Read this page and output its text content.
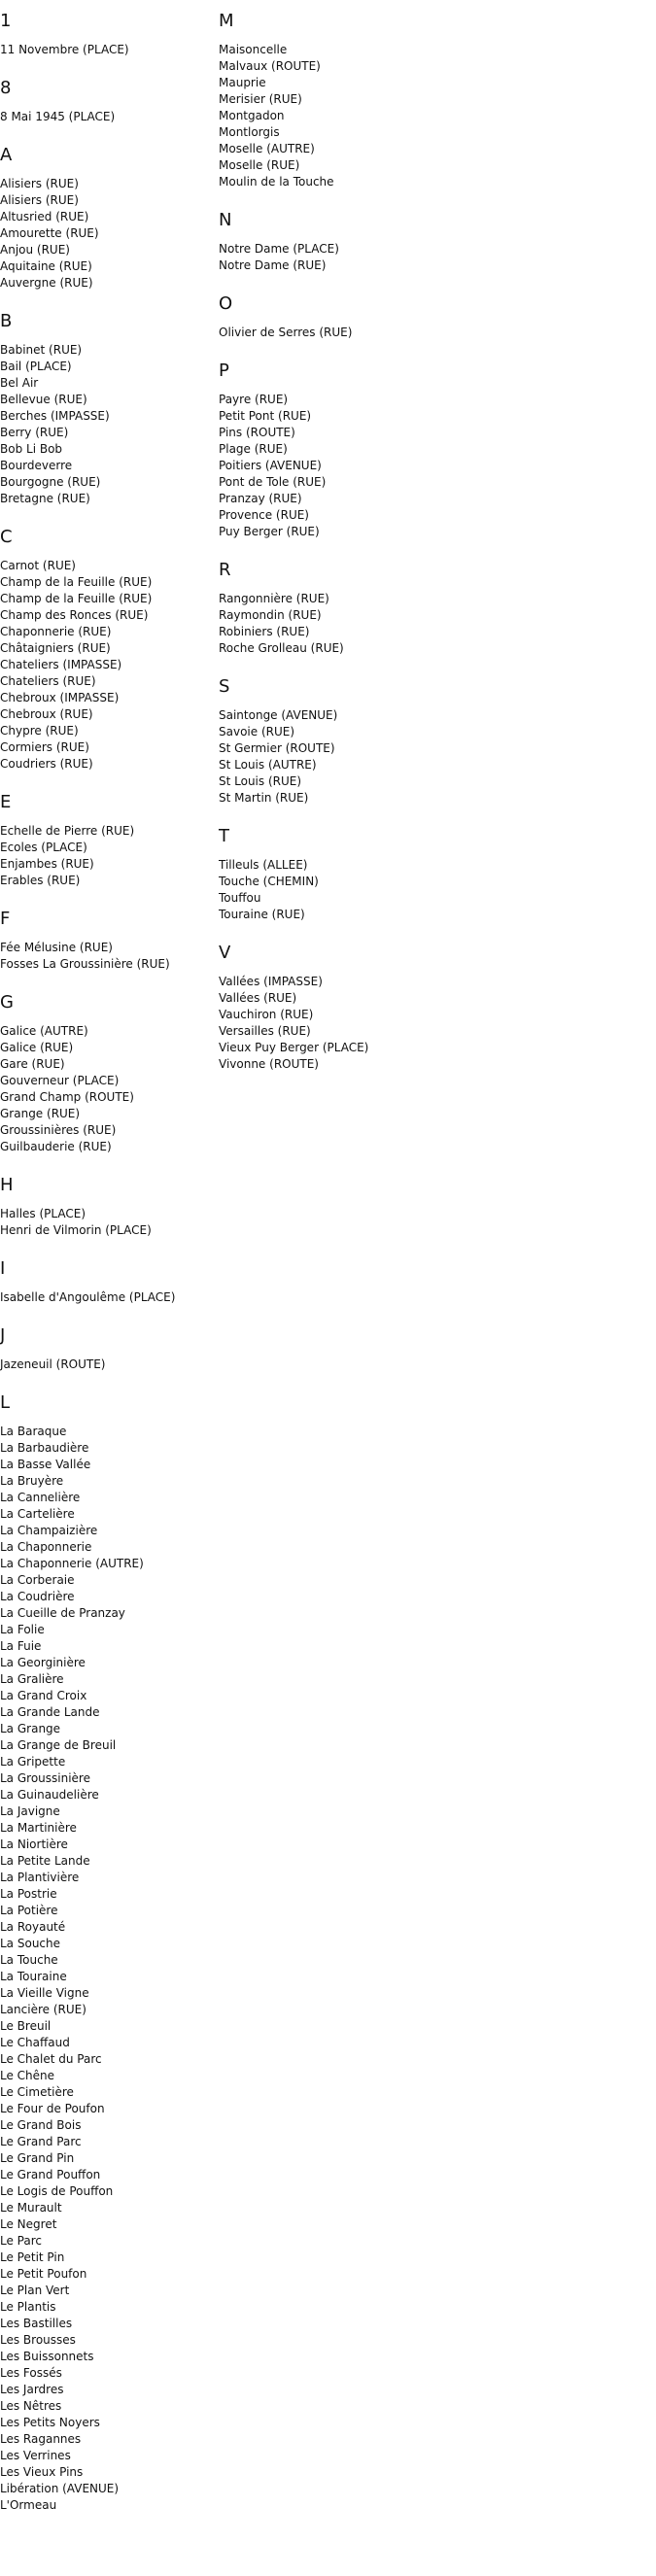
1
11 Novembre (PLACE)
8
8 Mai 1945 (PLACE)
A
Alisiers (RUE)
Alisiers (RUE)
Altusried (RUE)
Amourette (RUE)
Anjou (RUE)
Aquitaine (RUE)
Auvergne (RUE)
B
Babinet (RUE)
Bail (PLACE)
Bel Air
Bellevue (RUE)
Berches (IMPASSE)
Berry (RUE)
Bob Li Bob
Bourdeverre
Bourgogne (RUE)
Bretagne (RUE)
C
Carnot (RUE)
Champ de la Feuille (RUE)
Champ de la Feuille (RUE)
Champ des Ronces (RUE)
Chaponnerie (RUE)
Châtaigniers (RUE)
Chateliers (IMPASSE)
Chateliers (RUE)
Chebroux (IMPASSE)
Chebroux (RUE)
Chypre (RUE)
Cormiers (RUE)
Coudriers (RUE)
E
Echelle de Pierre (RUE)
Ecoles (PLACE)
Enjambes (RUE)
Erables (RUE)
F
Fée Mélusine (RUE)
Fosses La Groussinière (RUE)
G
Galice (AUTRE)
Galice (RUE)
Gare (RUE)
Gouverneur (PLACE)
Grand Champ (ROUTE)
Grange (RUE)
Groussinières (RUE)
Guilbauderie (RUE)
H
Halles (PLACE)
Henri de Vilmorin (PLACE)
I
Isabelle d'Angoulême (PLACE)
J
Jazeneuil (ROUTE)
L
La Baraque
La Barbaudière
La Basse Vallée
La Bruyère
La Cannelière
La Cartelière
La Champaizière
La Chaponnerie
La Chaponnerie (AUTRE)
La Corberaie
La Coudrière
La Cueille de Pranzay
La Folie
La Fuie
La Georginière
La Gralière
La Grand Croix
La Grande Lande
La Grange
La Grange de Breuil
La Gripette
La Groussinière
La Guinaudelière
La Javigne
La Martinière
La Niortière
La Petite Lande
La Plantivière
La Postrie
La Potière
La Royauté
La Souche
La Touche
La Touraine
La Vieille Vigne
Lancière (RUE)
Le Breuil
Le Chaffaud
Le Chalet du Parc
Le Chêne
Le Cimetière
Le Four de Poufon
Le Grand Bois
Le Grand Parc
Le Grand Pin
Le Grand Pouffon
Le Logis de Pouffon
Le Murault
Le Negret
Le Parc
Le Petit Pin
Le Petit Poufon
Le Plan Vert
Le Plantis
Les Bastilles
Les Brousses
Les Buissonnets
Les Fossés
Les Jardres
Les Nêtres
Les Petits Noyers
Les Ragannes
Les Verrines
Les Vieux Pins
Libération (AVENUE)
L'Ormeau
M
Maisoncelle
Malvaux (ROUTE)
Mauprie
Merisier (RUE)
Montgadon
Montlorgis
Moselle (AUTRE)
Moselle (RUE)
Moulin de la Touche
N
Notre Dame (PLACE)
Notre Dame (RUE)
O
Olivier de Serres (RUE)
P
Payre (RUE)
Petit Pont (RUE)
Pins (ROUTE)
Plage (RUE)
Poitiers (AVENUE)
Pont de Tole (RUE)
Pranzay (RUE)
Provence (RUE)
Puy Berger (RUE)
R
Rangonnière (RUE)
Raymondin (RUE)
Robiniers (RUE)
Roche Grolleau (RUE)
S
Saintonge (AVENUE)
Savoie (RUE)
St Germier (ROUTE)
St Louis (AUTRE)
St Louis (RUE)
St Martin (RUE)
T
Tilleuls (ALLEE)
Touche (CHEMIN)
Touffou
Touraine (RUE)
V
Vallées (IMPASSE)
Vallées (RUE)
Vauchiron (RUE)
Versailles (RUE)
Vieux Puy Berger (PLACE)
Vivonne (ROUTE)
